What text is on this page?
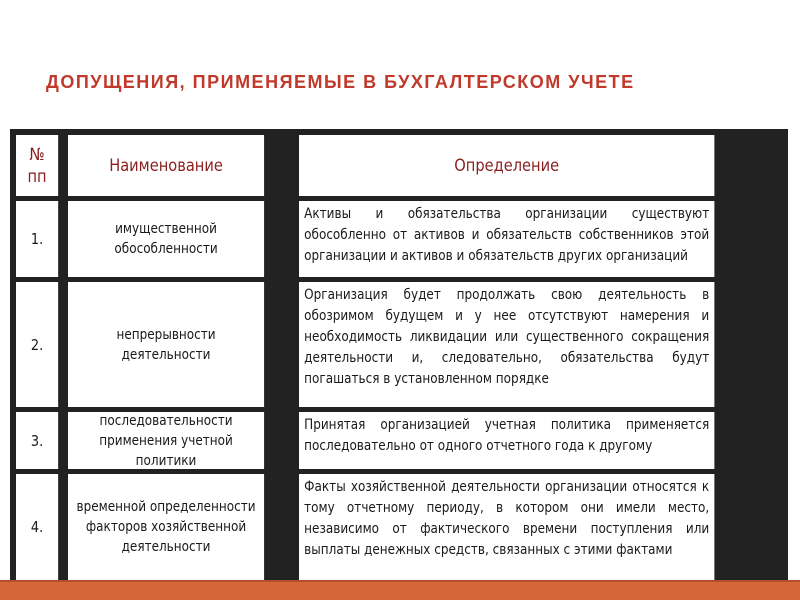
ДОПУЩЕНИЯ, ПРИМЕНЯЕМЫЕ В БУХГАЛТЕРСКОМ УЧЕТЕ
№
пп
Наименование	Определение
1.
имущественной обособленности
Активы и обязательства организации существуют обособленно от активов и обязательств собственников этой организации и активов и обязательств других организаций
2.
непрерывности деятельности
Организация будет продолжать свою деятельность в обозримом будущем и у нее отсутствуют намерения и необходимость ликвидации или существенного сокращения деятельности и, следовательно, обязательства будут погашаться в установленном порядке
3.
последовательности применения учетной политики
Принятая организацией учетная политика применяется последовательно от одного отчетного года к другому
4.
временной определенности факторов хозяйственной деятельности
Факты хозяйственной деятельности организации относятся к тому отчетному периоду, в котором они имели место, независимо от фактического времени поступления или выплаты денежных средств, связанных с этими фактами
